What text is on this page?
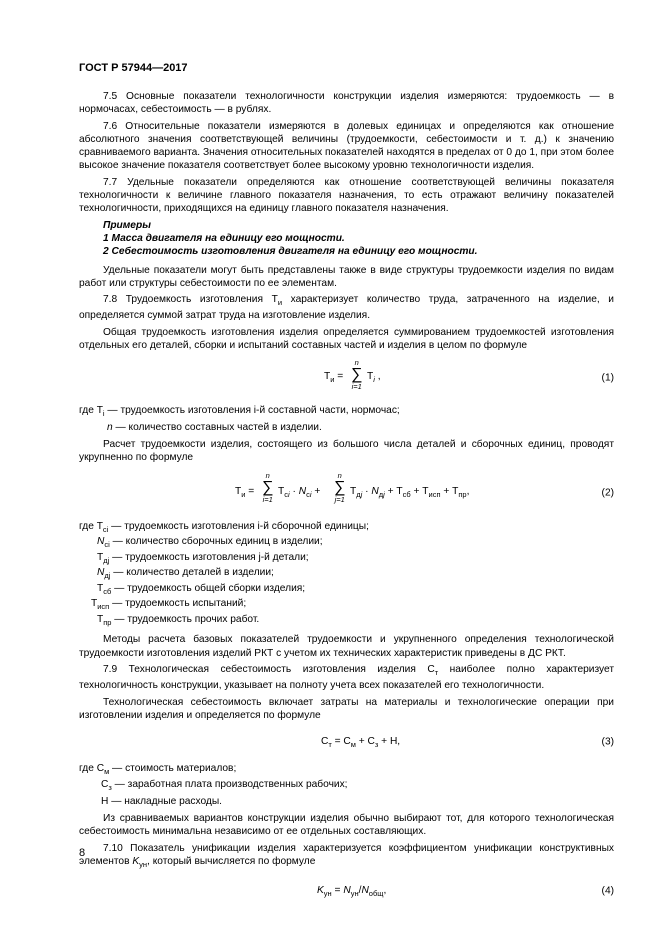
ГОСТ Р 57944—2017

7.5 Основные показатели технологичности конструкции изделия измеряются: трудоемкость — в нормочасах, себестоимость — в рублях.

7.6 Относительные показатели измеряются в долевых единицах и определяются как отношение абсолютного значения соответствующей величины (трудоемкости, себестоимости и т. д.) к значению сравниваемого варианта. Значения относительных показателей находятся в пределах от 0 до 1, при этом более высокое значение показателя соответствует более высокому уровню технологичности изделия.

7.7 Удельные показатели определяются как отношение соответствующей величины показателя технологичности к величине главного показателя назначения, то есть отражают величину показателей технологичности, приходящихся на единицу главного показателя назначения.

Примеры

1 Масса двигателя на единицу его мощности.

2 Себестоимость изготовления двигателя на единицу его мощности.

Удельные показатели могут быть представлены также в виде структуры трудоемкости изделия по видам работ или структуры себестоимости по ее элементам.

7.8 Трудоемкость изготовления $Т_и$ характеризует количество труда, затраченного на изделие, и определяется суммой затрат труда на изготовление изделия.

Общая трудоемкость изготовления изделия определяется суммированием трудоемкостей изготовления отдельных его деталей, сборки и испытаний составных частей и изделия в целом по формуле

$Т_и$ =
n
∑
i=1
$Т_i$ ,	(1)

где $Т_i$ — трудоемкость изготовления i-й составной части, нормочас;

n — количество составных частей в изделии.

Расчет трудоемкости изделия, состоящего из большого числа деталей и сборочных единиц, проводят укрупненно по формуле

$Т_и$ =
n
∑
i=1
$Т_{сi} \cdot N_{сi}$ +
n
∑
j=1
$Т_{дj} \cdot N_{дj} + Т_{сб} + Т_{исп} + Т_{пр}$,	(2)

где $Т_{сi}$ — трудоемкость изготовления i-й сборочной единицы;

$N_{сi}$ — количество сборочных единиц в изделии;

$Т_{дj}$ — трудоемкость изготовления j-й детали;

$N_{дj}$ — количество деталей в изделии;

$Т_{сб}$ — трудоемкость общей сборки изделия;

$Т_{исп}$ — трудоемкость испытаний;

$Т_{пр}$ — трудоемкость прочих работ.

Методы расчета базовых показателей трудоемкости и укрупненного определения технологической трудоемкости изготовления изделий РКТ с учетом их технических характеристик приведены в ДС РКТ.

7.9 Технологическая себестоимость изготовления изделия $С_т$ наиболее полно характеризует технологичность конструкции, указывает на полноту учета всех показателей его технологичности.

Технологическая себестоимость включает затраты на материалы и технологические операции при изготовлении изделия и определяется по формуле

$С_т = С_м + С_з + Н$,	(3)

где $С_м$ — стоимость материалов;

$С_з$ — заработная плата производственных рабочих;

Н — накладные расходы.

Из сравниваемых вариантов конструкции изделия обычно выбирают тот, для которого технологическая себестоимость минимальна независимо от ее отдельных составляющих.

7.10 Показатель унификации изделия характеризуется коэффициентом унификации конструктивных элементов $K_{ун}$, который вычисляется по формуле

$K_{ун} = N_{ун}/N_{общ}$,	(4)
8
